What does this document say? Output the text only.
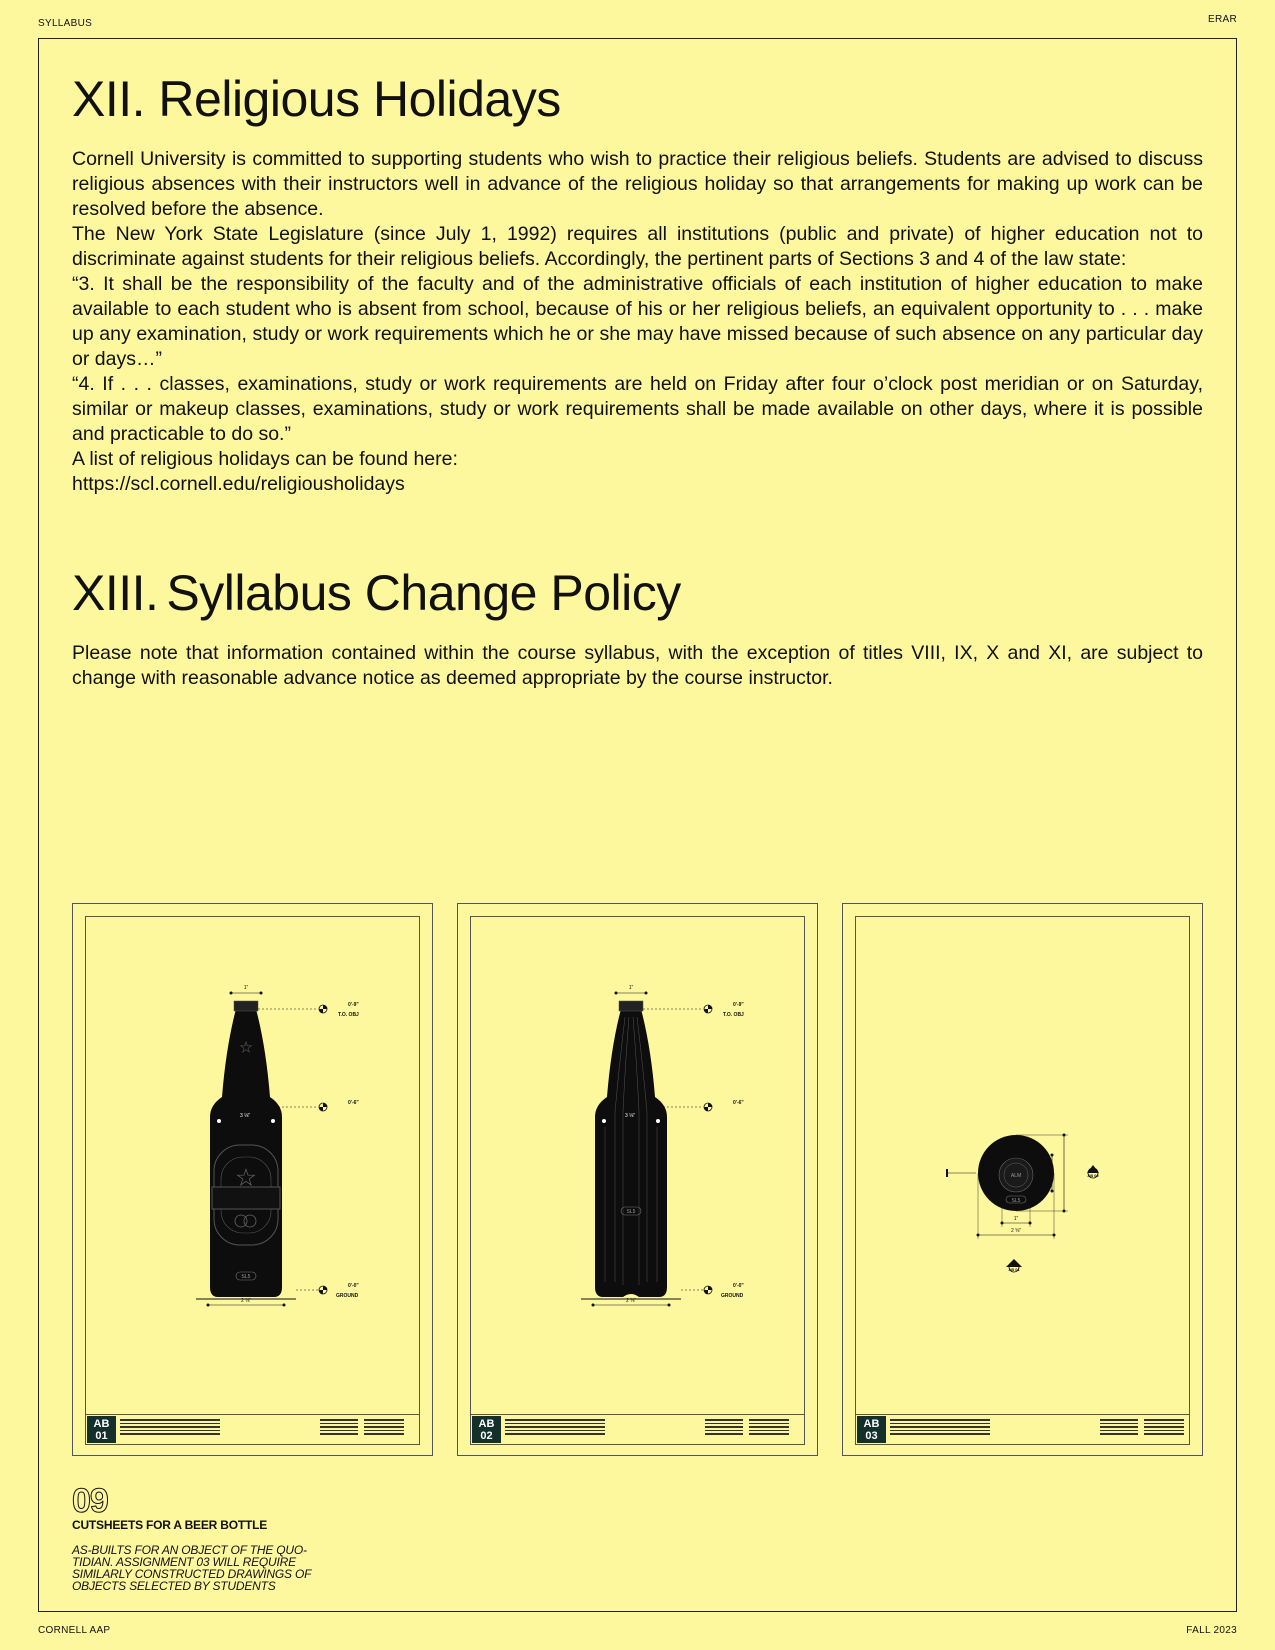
SYLLABUS	ERAR
CORNELL AAP	FALL 2023
XII. Religious Holidays

Cornell University is committed to supporting students who wish to practice their religious beliefs. Students are advised to discuss religious absences with their instructors well in advance of the religious holiday so that arrangements for making up work can be resolved before the absence.

The New York State Legislature (since July 1, 1992) requires all institutions (public and private) of higher education not to discriminate against students for their religious beliefs. Accordingly, the pertinent parts of Sections 3 and 4 of the law state:

“3. It shall be the responsibility of the faculty and of the administrative officials of each institution of higher education to make available to each student who is absent from school, because of his or her religious beliefs, an equivalent opportunity to . . . make up any examination, study or work requirements which he or she may have missed because of such absence on any particular day or days…”

“4. If . . . classes, examinations, study or work requirements are held on Friday after four o’clock post meridian or on Saturday, similar or makeup classes, examinations, study or work requirements shall be made available on other days, where it is possible and practicable to do so.”

A list of religious holidays can be found here:

https://scl.cornell.edu/religiousholidays

XIII. Syllabus Change Policy

Please note that information contained within the course syllabus, with the exception of titles VIII, IX, X and XI, are subject to change with reasonable advance notice as deemed appropriate by the course instructor.

★
★
SL5
3 ⅛"
1"
2 ⅝"
0'-9"
T.O. OBJ
0'-6"
0'-0"
GROUND
AB
01
SL5
3 ⅛"
1"
2 ⅝"
0'-9"
T.O. OBJ
0'-6"
0'-0"
GROUND
AB
02
ALM
SL5
1"
2 ⅝"
AB 02
AB 01
AB
03
09
CUTSHEETS FOR A BEER BOTTLE
AS-BUILTS FOR AN OBJECT OF THE QUO-TIDIAN. ASSIGNMENT 03 WILL REQUIRE SIMILARLY CONSTRUCTED DRAWINGS OF OBJECTS SELECTED BY STUDENTS
